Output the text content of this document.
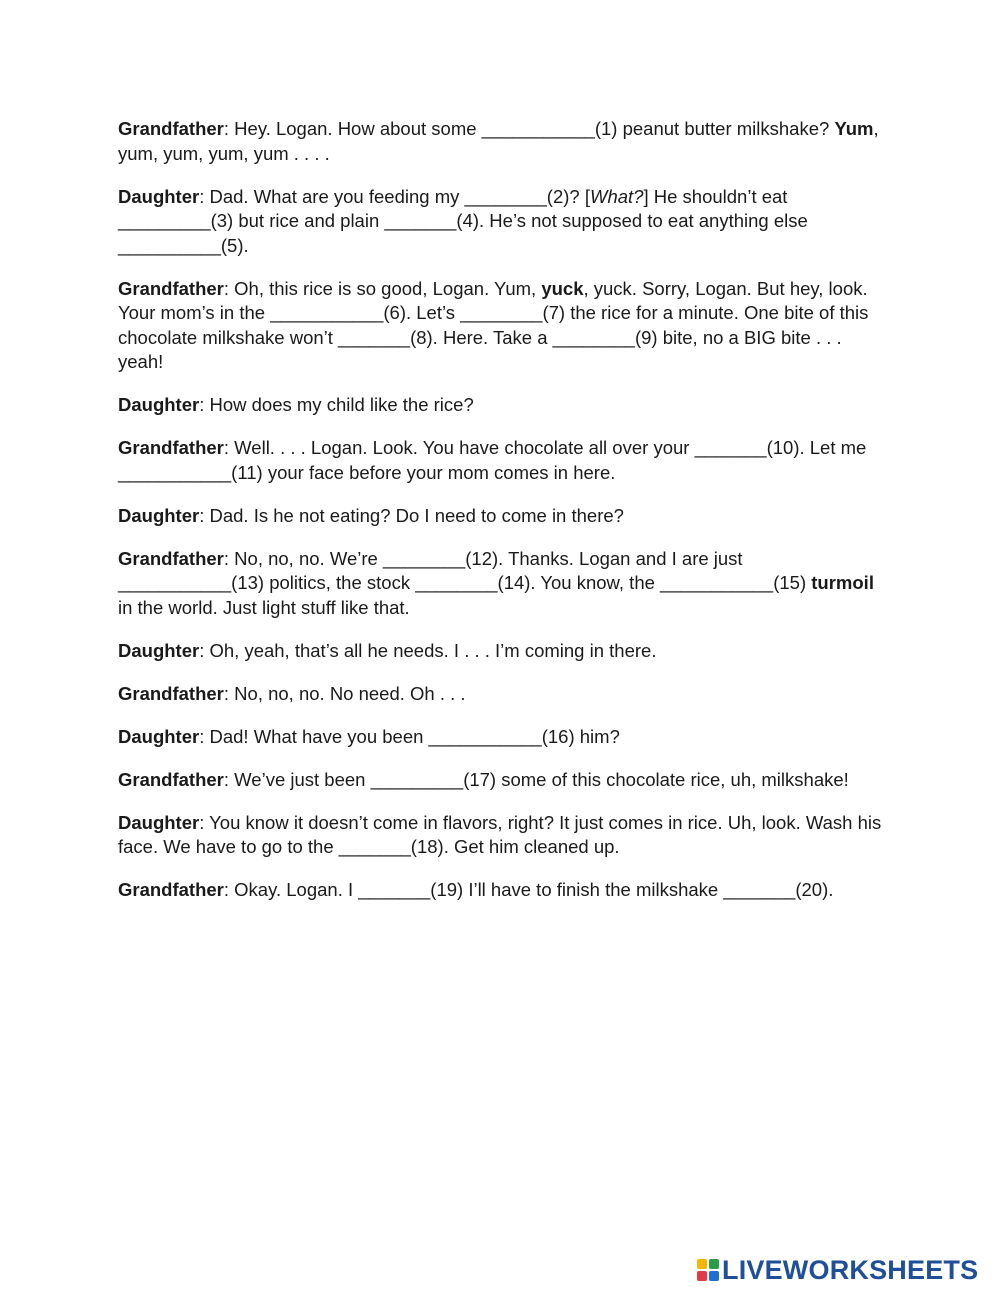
Grandfather: Hey. Logan. How about some ___________(1) peanut butter milkshake? Yum, yum, yum, yum, yum . . . .

Daughter: Dad. What are you feeding my ________(2)? [What?] He shouldn’t eat _________(3) but rice and plain _______(4). He’s not supposed to eat anything else __________(5).

Grandfather: Oh, this rice is so good, Logan. Yum, yuck, yuck. Sorry, Logan. But hey, look. Your mom’s in the ___________(6). Let’s ________(7) the rice for a minute. One bite of this chocolate milkshake won’t _______(8). Here. Take a ________(9) bite, no a BIG bite . . . yeah!

Daughter: How does my child like the rice?

Grandfather: Well. . . . Logan. Look. You have chocolate all over your _______(10). Let me ___________(11) your face before your mom comes in here.

Daughter: Dad. Is he not eating? Do I need to come in there?

Grandfather: No, no, no. We’re ________(12). Thanks. Logan and I are just ___________(13) politics, the stock ________(14). You know, the ___________(15) turmoil in the world. Just light stuff like that.

Daughter: Oh, yeah, that’s all he needs. I . . . I’m coming in there.

Grandfather: No, no, no. No need. Oh . . .

Daughter: Dad! What have you been ___________(16) him?

Grandfather: We’ve just been _________(17) some of this chocolate rice, uh, milkshake!

Daughter: You know it doesn’t come in flavors, right? It just comes in rice. Uh, look. Wash his face. We have to go to the _______(18). Get him cleaned up.

Grandfather: Okay. Logan. I _______(19) I’ll have to finish the milkshake _______(20).

LIVEWORKSHEETS
